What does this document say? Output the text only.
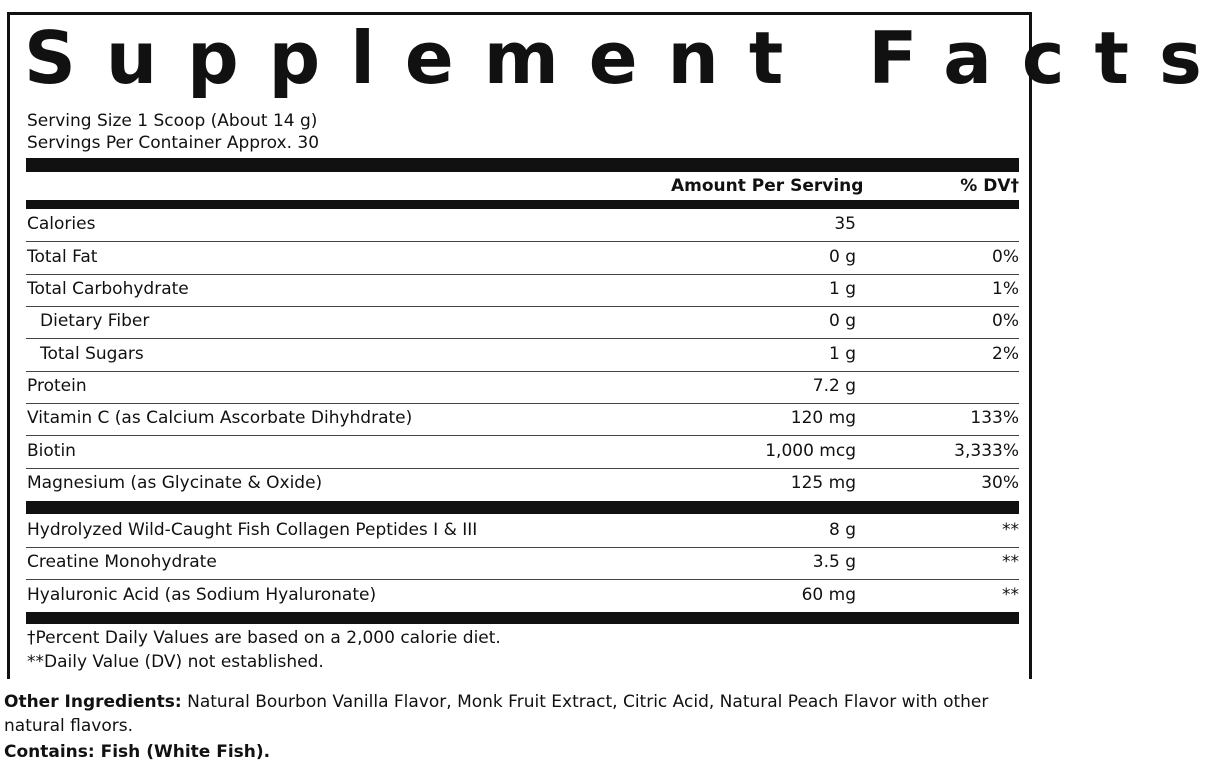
Supplement Facts
Serving Size 1 Scoop (About 14 g)
Servings Per Container Approx. 30
Amount Per Serving	% DV†
Calories	35
Total Fat	0 g	0%
Total Carbohydrate	1 g	1%
Dietary Fiber	0 g	0%
Total Sugars	1 g	2%
Protein	7.2 g
Vitamin C (as Calcium Ascorbate Dihyhdrate)	120 mg	133%
Biotin	1,000 mcg	3,333%
Magnesium (as Glycinate & Oxide)	125 mg	30%
Hydrolyzed Wild-Caught Fish Collagen Peptides I & III	8 g	**
Creatine Monohydrate	3.5 g	**
Hyaluronic Acid (as Sodium Hyaluronate)	60 mg	**
†Percent Daily Values are based on a 2,000 calorie diet.
**Daily Value (DV) not established.
Other Ingredients: Natural Bourbon Vanilla Flavor, Monk Fruit Extract, Citric Acid, Natural Peach Flavor with other natural flavors.
Contains: Fish (White Fish).
